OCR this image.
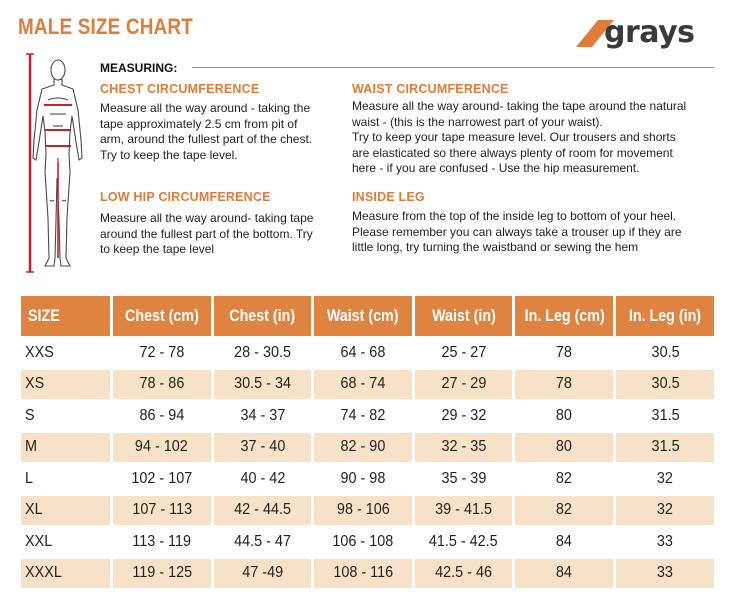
MALE SIZE CHART	grays
MEASURING:
CHEST CIRCUMFERENCE
Measure all the way around - taking the
tape approximately 2.5 cm from pit of
arm, around the fullest part of the chest.
Try to keep the tape level.
WAIST CIRCUMFERENCE
Measure all the way around- taking the tape around the natural
waist - (this is the narrowest part of your waist).
Try to keep your tape measure level. Our trousers and shorts
are elasticated so there always plenty of room for movement
here - if you are confused - Use the hip measurement.
LOW HIP CIRCUMFERENCE
Measure all the way around- taking tape
around the fullest part of the bottom. Try
to keep the tape level
INSIDE LEG
Measure from the top of the inside leg to bottom of your heel.
Please remember you can always take a trouser up if they are
little long, try turning the waistband or sewing the hem
SIZE	Chest (cm)	Chest (in)	Waist (cm)	Waist (in)	In. Leg (cm)	In. Leg (in)
XXS	72 - 78	28 - 30.5	64 - 68	25 - 27	78	30.5
XS	78 - 86	30.5 - 34	68 - 74	27 - 29	78	30.5
S	86 - 94	34 - 37	74 - 82	29 - 32	80	31.5
M	94 - 102	37 - 40	82 - 90	32 - 35	80	31.5
L	102 - 107	40 - 42	90 - 98	35 - 39	82	32
XL	107 - 113	42 - 44.5	98 - 106	39 - 41.5	82	32
XXL	113 - 119	44.5 - 47	106 - 108	41.5 - 42.5	84	33
XXXL	119 - 125	47 -49	108 - 116	42.5 - 46	84	33
